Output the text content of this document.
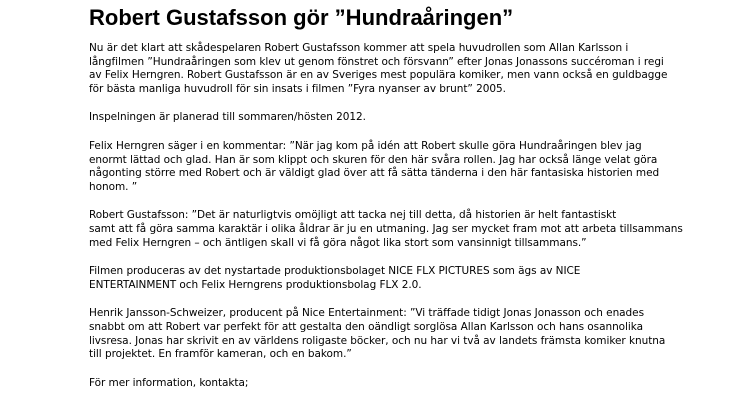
Robert Gustafsson gör ”Hundraåringen”

Nu är det klart att skådespelaren Robert Gustafsson kommer att spela huvudrollen som Allan Karlsson i
långfilmen ”Hundraåringen som klev ut genom fönstret och försvann” efter Jonas Jonassons succéroman i regi
av Felix Herngren. Robert Gustafsson är en av Sveriges mest populära komiker, men vann också en guldbagge
för bästa manliga huvudroll för sin insats i filmen ”Fyra nyanser av brunt” 2005.

Inspelningen är planerad till sommaren/hösten 2012.

Felix Herngren säger i en kommentar: ”När jag kom på idén att Robert skulle göra Hundraåringen blev jag
enormt lättad och glad. Han är som klippt och skuren för den här svåra rollen. Jag har också länge velat göra
någonting större med Robert och är väldigt glad över att få sätta tänderna i den här fantasiska historien med
honom. ”

Robert Gustafsson: ”Det är naturligtvis omöjligt att tacka nej till detta, då historien är helt fantastiskt
samt att få göra samma karaktär i olika åldrar är ju en utmaning. Jag ser mycket fram mot att arbeta tillsammans
med Felix Herngren – och äntligen skall vi få göra något lika stort som vansinnigt tillsammans.”

Filmen produceras av det nystartade produktionsbolaget NICE FLX PICTURES som ägs av NICE
ENTERTAINMENT och Felix Herngrens produktionsbolag FLX 2.0.

Henrik Jansson-Schweizer, producent på Nice Entertainment: ”Vi träffade tidigt Jonas Jonasson och enades
snabbt om att Robert var perfekt för att gestalta den oändligt sorglösa Allan Karlsson och hans osannolika
livsresa. Jonas har skrivit en av världens roligaste böcker, och nu har vi två av landets främsta komiker knutna
till projektet. En framför kameran, och en bakom.”

För mer information, kontakta;
